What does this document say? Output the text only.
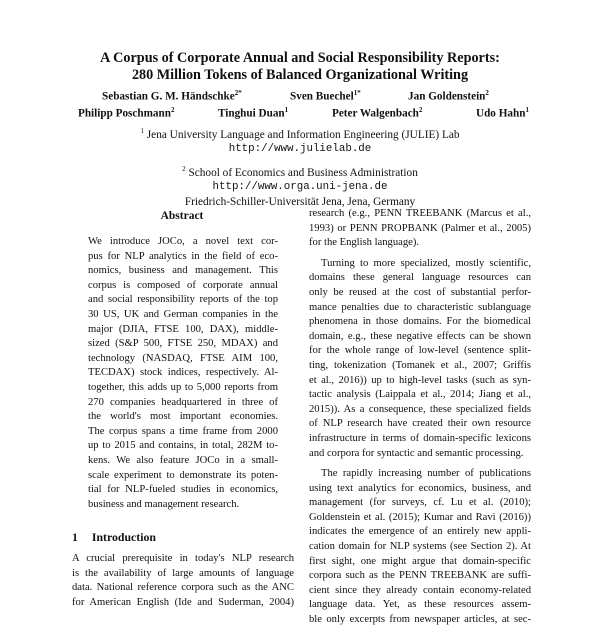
A Corpus of Corporate Annual and Social Responsibility Reports:
280 Million Tokens of Balanced Organizational Writing
Sebastian G. M. Händschke$^{2*}$	Sven Buechel$^{1*}$	Jan Goldenstein$^2$
Philipp Poschmann$^2$	Tinghui Duan$^1$	Peter Walgenbach$^2$	Udo Hahn$^1$
$^1$ Jena University Language and Information Engineering (JULIE) Lab
http://www.julielab.de
$^2$ School of Economics and Business Administration
http://www.orga.uni-jena.de
Friedrich-Schiller-Universität Jena, Jena, Germany
Abstract
We introduce JOCo, a novel text cor-
pus for NLP analytics in the field of eco-
nomics, business and management. This
corpus is composed of corporate annual
and social responsibility reports of the top
30 US, UK and German companies in the
major (DJIA, FTSE 100, DAX), middle-
sized (S&P 500, FTSE 250, MDAX) and
technology (NASDAQ, FTSE AIM 100,
TECDAX) stock indices, respectively. Al-
together, this adds up to 5,000 reports from
270 companies headquartered in three of
the world's most important economies.
The corpus spans a time frame from 2000
up to 2015 and contains, in total, 282M to-
kens. We also feature JOCo in a small-
scale experiment to demonstrate its poten-
tial for NLP-fueled studies in economics,
business and management research.
1 Introduction
A crucial prerequisite in today's NLP research
is the availability of large amounts of language
data. National reference corpora such as the ANC
for American English (Ide and Suderman, 2004)
research (e.g., PENN TREEBANK (Marcus et al.,
1993) or PENN PROPBANK (Palmer et al., 2005)
for the English language).
Turning to more specialized, mostly scientific,
domains these general language resources can
only be reused at the cost of substantial perfor-
mance penalties due to characteristic sublanguage
phenomena in those domains. For the biomedical
domain, e.g., these negative effects can be shown
for the whole range of low-level (sentence split-
ting, tokenization (Tomanek et al., 2007; Griffis
et al., 2016)) up to high-level tasks (such as syn-
tactic analysis (Laippala et al., 2014; Jiang et al.,
2015)). As a consequence, these specialized fields
of NLP research have created their own resource
infrastructure in terms of domain-specific lexicons
and corpora for syntactic and semantic processing.
The rapidly increasing number of publications
using text analytics for economics, business, and
management (for surveys, cf. Lu et al. (2010);
Goldenstein et al. (2015); Kumar and Ravi (2016))
indicates the emergence of an entirely new appli-
cation domain for NLP systems (see Section 2). At
first sight, one might argue that domain-specific
corpora such as the PENN TREEBANK are suffi-
cient since they already contain economy-related
language data. Yet, as these resources assem-
ble only excerpts from newspaper articles, at sec-
